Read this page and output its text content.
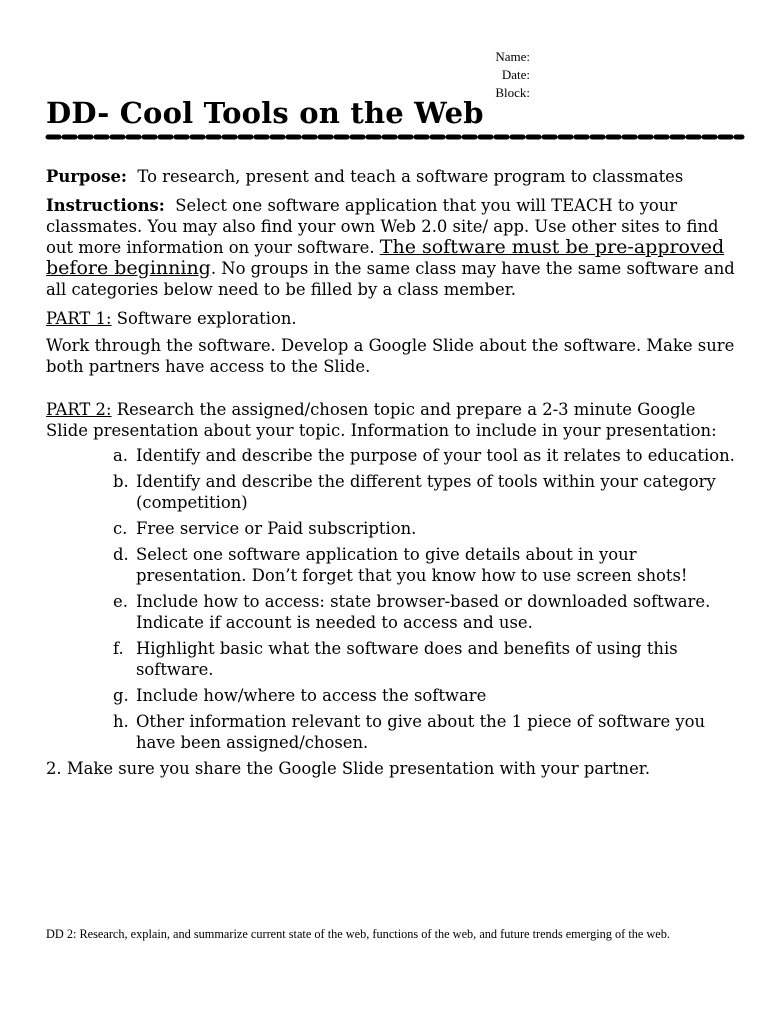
Name:
Date:
Block:
DD- Cool Tools on the Web

Purpose: To research, present and teach a software program to classmates

Instructions: Select one software application that you will TEACH to your classmates. You may also find your own Web 2.0 site/ app. Use other sites to find out more information on your software. The software must be pre-approved before beginning. No groups in the same class may have the same software and all categories below need to be filled by a class member.

PART 1: Software exploration.

Work through the software. Develop a Google Slide about the software. Make sure both partners have access to the Slide.

PART 2: Research the assigned/chosen topic and prepare a 2-3 minute Google Slide presentation about your topic. Information to include in your presentation:

a. Identify and describe the purpose of your tool as it relates to education.
b. Identify and describe the different types of tools within your category (competition)
c. Free service or Paid subscription.
d. Select one software application to give details about in your presentation. Don’t forget that you know how to use screen shots!
e. Include how to access: state browser-based or downloaded software. Indicate if account is needed to access and use.
f. Highlight basic what the software does and benefits of using this software.
g. Include how/where to access the software
h. Other information relevant to give about the 1 piece of software you have been assigned/chosen.

2. Make sure you share the Google Slide presentation with your partner.

DD 2: Research, explain, and summarize current state of the web, functions of the web, and future trends emerging of the web.
